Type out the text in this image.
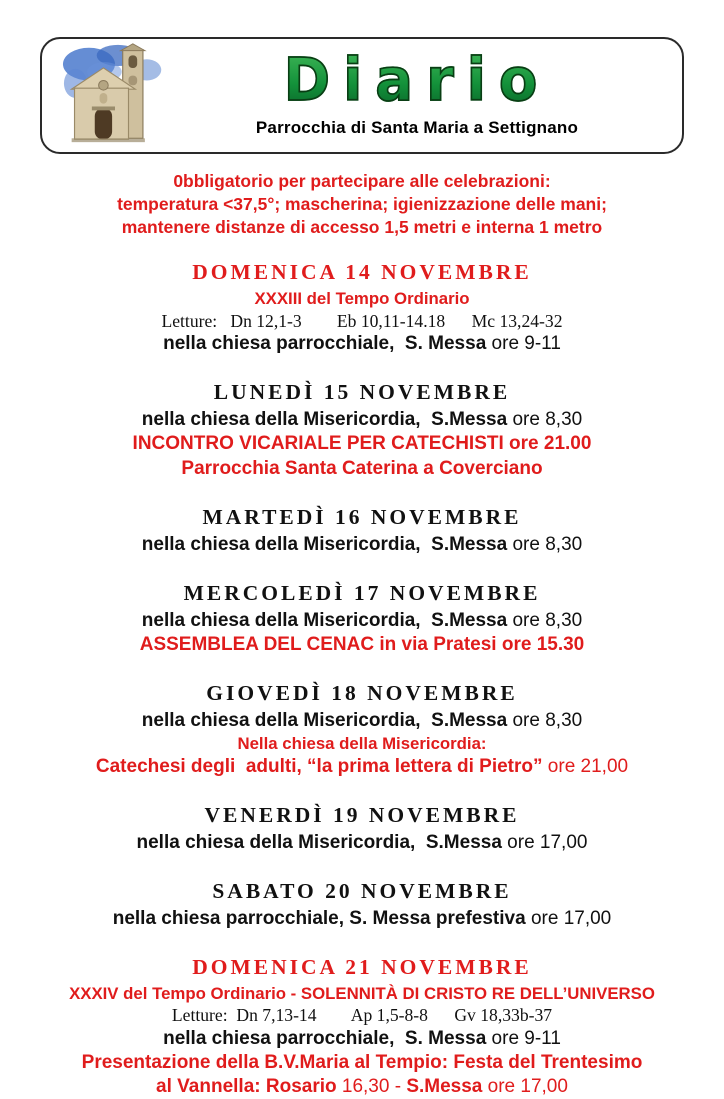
Diario
Parrocchia di Santa Maria a Settignano
0bbligatorio per partecipare alle celebrazioni:
temperatura <37,5°; mascherina; igienizzazione delle mani;
mantenere distanze di accesso 1,5 metri e interna 1 metro
DOMENICA 14 NOVEMBRE
XXXIII del Tempo Ordinario
Letture:   Dn 12,1-3        Eb 10,11-14.18      Mc 13,24-32
nella chiesa parrocchiale,  S. Messa ore 9-11
LUNEDÌ 15 NOVEMBRE
nella chiesa della Misericordia,  S.Messa ore 8,30
INCONTRO VICARIALE PER CATECHISTI ore 21.00
Parrocchia Santa Caterina a Coverciano
MARTEDÌ 16 NOVEMBRE
nella chiesa della Misericordia,  S.Messa ore 8,30
MERCOLEDÌ 17 NOVEMBRE
nella chiesa della Misericordia,  S.Messa ore 8,30
ASSEMBLEA DEL CENAC in via Pratesi ore 15.30
GIOVEDÌ 18 NOVEMBRE
nella chiesa della Misericordia,  S.Messa ore 8,30
Nella chiesa della Misericordia:
Catechesi degli  adulti, “la prima lettera di Pietro” ore 21,00
VENERDÌ 19 NOVEMBRE
nella chiesa della Misericordia,  S.Messa ore 17,00
SABATO 20 NOVEMBRE
nella chiesa parrocchiale, S. Messa prefestiva ore 17,00
DOMENICA 21 NOVEMBRE
XXXIV del Tempo Ordinario - SOLENNITÀ DI CRISTO RE DELL’UNIVERSO
Letture:  Dn 7,13-14        Ap 1,5-8-8      Gv 18,33b-37
nella chiesa parrocchiale,  S. Messa ore 9-11
Presentazione della B.V.Maria al Tempio: Festa del Trentesimo
al Vannella: Rosario 16,30 - S.Messa ore 17,00
